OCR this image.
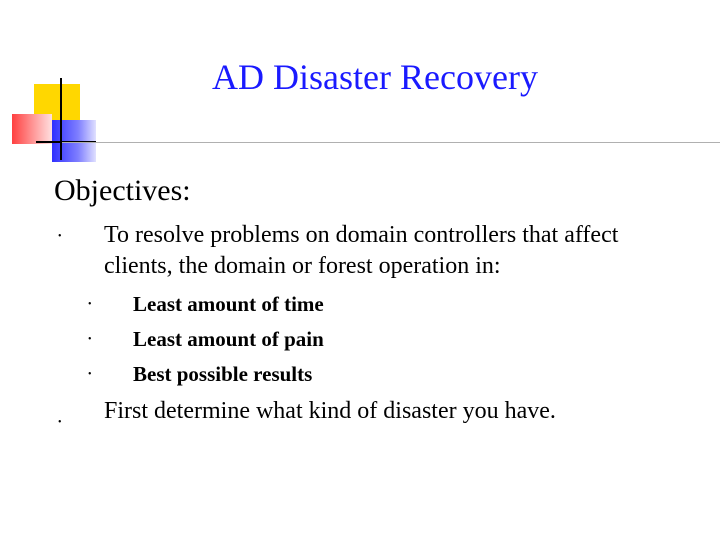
AD Disaster Recovery
Objectives:
• To resolve problems on domain controllers that affect
clients, the domain or forest operation in:
• Least amount of time
• Least amount of pain
• Best possible results
• First determine what kind of disaster you have.
